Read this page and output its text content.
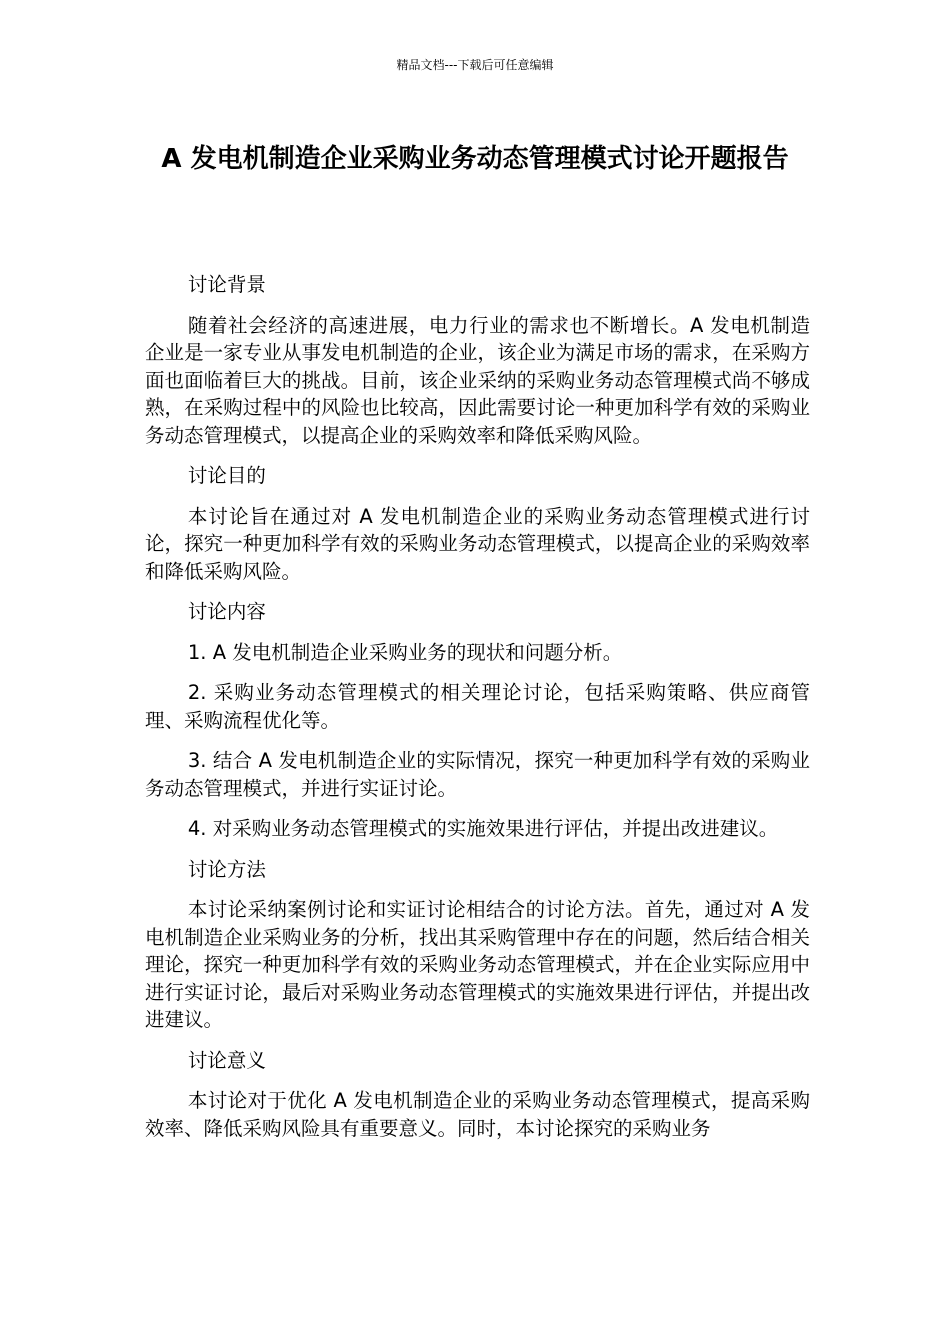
精品文档---下载后可任意编辑
A 发电机制造企业采购业务动态管理模式讨论开题报告

讨论背景

随着社会经济的高速进展，电力行业的需求也不断增长。A 发电机制造企业是一家专业从事发电机制造的企业，该企业为满足市场的需求，在采购方面也面临着巨大的挑战。目前，该企业采纳的采购业务动态管理模式尚不够成熟，在采购过程中的风险也比较高，因此需要讨论一种更加科学有效的采购业务动态管理模式，以提高企业的采购效率和降低采购风险。

讨论目的

本讨论旨在通过对 A 发电机制造企业的采购业务动态管理模式进行讨论，探究一种更加科学有效的采购业务动态管理模式，以提高企业的采购效率和降低采购风险。

讨论内容

1. A 发电机制造企业采购业务的现状和问题分析。

2. 采购业务动态管理模式的相关理论讨论，包括采购策略、供应商管理、采购流程优化等。

3. 结合 A 发电机制造企业的实际情况，探究一种更加科学有效的采购业务动态管理模式，并进行实证讨论。

4. 对采购业务动态管理模式的实施效果进行评估，并提出改进建议。

讨论方法

本讨论采纳案例讨论和实证讨论相结合的讨论方法。首先，通过对 A 发电机制造企业采购业务的分析，找出其采购管理中存在的问题，然后结合相关理论，探究一种更加科学有效的采购业务动态管理模式，并在企业实际应用中进行实证讨论，最后对采购业务动态管理模式的实施效果进行评估，并提出改进建议。

讨论意义

本讨论对于优化 A 发电机制造企业的采购业务动态管理模式，提高采购效率、降低采购风险具有重要意义。同时，本讨论探究的采购业务
